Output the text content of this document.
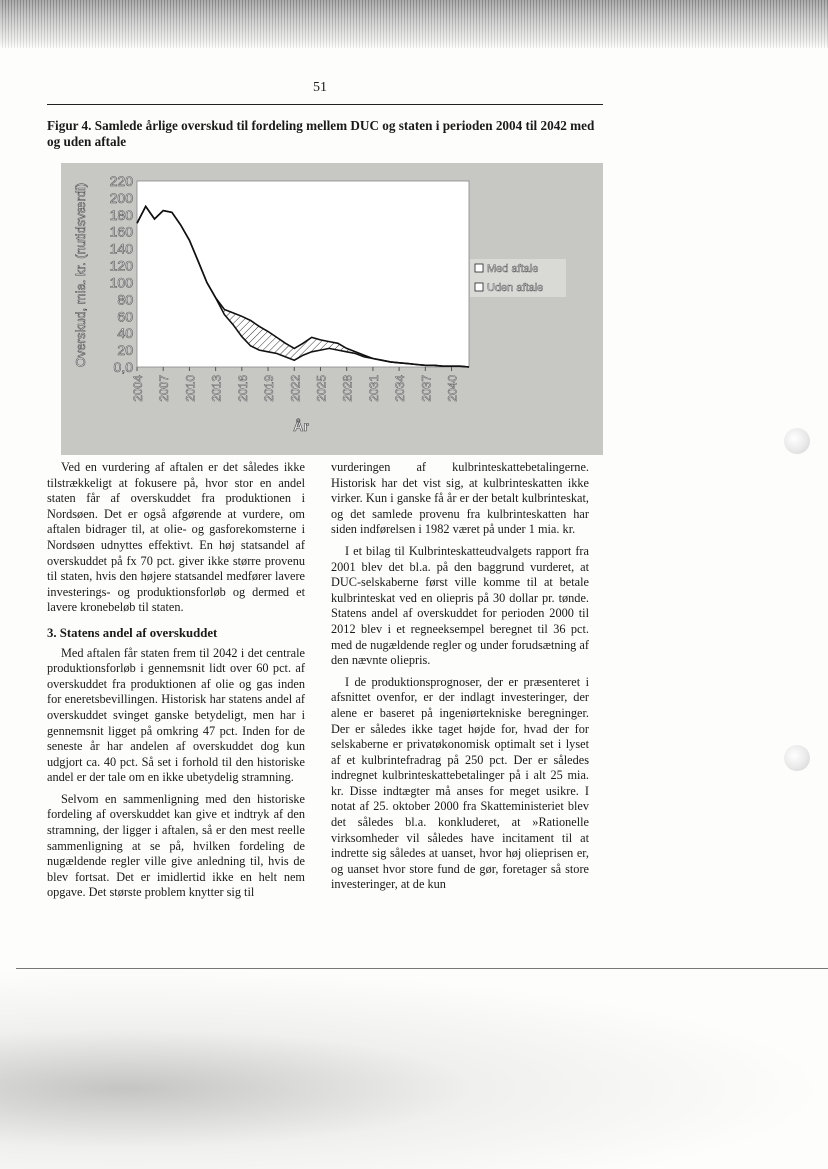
51
Figur 4. Samlede årlige overskud til fordeling mellem DUC og staten i perioden 2004 til 2042 med og uden aftale
220
200
180
160
140
120
100
80
60
40
20
0,0
2004 2007 2010 2013 2016 2019 2022 2025 2028 2031 2034 2037 2040
Overskud, mia. kr. (nutidsværdi)
År
Med aftale
Uden aftale

Ved en vurdering af aftalen er det således ikke tilstrækkeligt at fokusere på, hvor stor en andel staten får af overskuddet fra produktionen i Nordsøen. Det er også afgørende at vurdere, om aftalen bidrager til, at olie- og gasforekomsterne i Nordsøen udnyttes effektivt. En høj statsandel af overskuddet på fx 70 pct. giver ikke større provenu til staten, hvis den højere statsandel medfører lavere investerings- og produktionsforløb og dermed et lavere kronebeløb til staten.

3. Statens andel af overskuddet

Med aftalen får staten frem til 2042 i det centrale produktionsforløb i gennemsnit lidt over 60 pct. af overskuddet fra produktionen af olie og gas inden for eneretsbevillingen. Historisk har statens andel af overskuddet svinget ganske betydeligt, men har i gennemsnit ligget på omkring 47 pct. Inden for de seneste år har andelen af overskuddet dog kun udgjort ca. 40 pct. Så set i forhold til den historiske andel er der tale om en ikke ubetydelig stramning.

Selvom en sammenligning med den historiske fordeling af overskuddet kan give et indtryk af den stramning, der ligger i aftalen, så er den mest reelle sammenligning at se på, hvilken fordeling de nugældende regler ville give anledning til, hvis de blev fortsat. Det er imidlertid ikke en helt nem opgave. Det største problem knytter sig til

vurderingen af kulbrinteskattebetalingerne. Historisk har det vist sig, at kulbrinteskatten ikke virker. Kun i ganske få år er der betalt kulbrinteskat, og det samlede provenu fra kulbrinteskatten har siden indførelsen i 1982 været på under 1 mia. kr.

I et bilag til Kulbrinteskatteudvalgets rapport fra 2001 blev det bl.a. på den baggrund vurderet, at DUC-selskaberne først ville komme til at betale kulbrinteskat ved en oliepris på 30 dollar pr. tønde. Statens andel af overskuddet for perioden 2000 til 2012 blev i et regneeksempel beregnet til 36 pct. med de nugældende regler og under forudsætning af den nævnte oliepris.

I de produktionsprognoser, der er præsenteret i afsnittet ovenfor, er der indlagt investeringer, der alene er baseret på ingeniørtekniske beregninger. Der er således ikke taget højde for, hvad der for selskaberne er privatøkonomisk optimalt set i lyset af et kulbrintefradrag på 250 pct. Der er således indregnet kulbrinteskattebetalinger på i alt 25 mia. kr. Disse indtægter må anses for meget usikre. I notat af 25. oktober 2000 fra Skatteministeriet blev det således bl.a. konkluderet, at »Rationelle virksomheder vil således have incitament til at indrette sig således at uanset, hvor høj olieprisen er, og uanset hvor store fund de gør, foretager så store investeringer, at de kun
